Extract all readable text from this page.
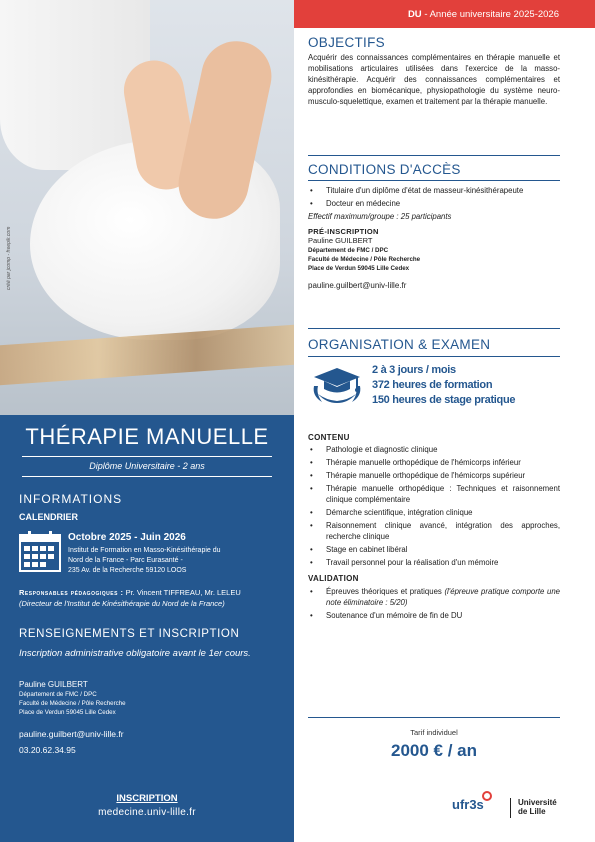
créé par jcomp - freepik.com
THÉRAPIE MANUELLE
Diplôme Universitaire - 2 ans
INFORMATIONS
CALENDRIER
Octobre 2025 - Juin 2026
Institut de Formation en Masso-Kinésithérapie du
Nord de la France - Parc Eurasanté -
235 Av. de la Recherche 59120 LOOS
Responsables pédagogiques : Pr. Vincent TIFFREAU, Mr. LELEU
(Directeur de l'Institut de Kinésithérapie du Nord de la France)
RENSEIGNEMENTS ET INSCRIPTION
Inscription administrative obligatoire avant le 1er cours.
Pauline GUILBERT
Département de FMC / DPC
Faculté de Médecine / Pôle Recherche
Place de Verdun 59045 Lille Cedex
pauline.guilbert@univ-lille.fr
03.20.62.34.95
INSCRIPTION
medecine.univ-lille.fr
DU - Année universitaire 2025-2026
OBJECTIFS
Acquérir des connaissances complémentaires en thérapie manuelle et mobilisations articulaires utilisées dans l'exercice de la masso-kinésithérapie. Acquérir des connaissances complémentaires et approfondies en biomécanique, physiopathologie du système neuro-musculo-squelettique, examen et traitement par la thérapie manuelle.
CONDITIONS D'ACCÈS
• Titulaire d'un diplôme d'état de masseur-kinésithérapeute
• Docteur en médecine
Effectif maximum/groupe : 25 participants
PRÉ-INSCRIPTION
Pauline GUILBERT
Département de FMC / DPC
Faculté de Médecine / Pôle Recherche
Place de Verdun 59045 Lille Cedex
pauline.guilbert@univ-lille.fr
ORGANISATION & EXAMEN
2 à 3 jours / mois
372 heures de formation
150 heures de stage pratique
CONTENU
• Pathologie et diagnostic clinique
• Thérapie manuelle orthopédique de l'hémicorps inférieur
• Thérapie manuelle orthopédique de l'hémicorps supérieur
• Thérapie manuelle orthopédique : Techniques et raisonnement clinique complémentaire
• Démarche scientifique, intégration clinique
• Raisonnement clinique avancé, intégration des approches, recherche clinique
• Stage en cabinet libéral
• Travail personnel pour la réalisation d'un mémoire
VALIDATION
• Épreuves théoriques et pratiques (l'épreuve pratique comporte une note éliminatoire : 5/20)
• Soutenance d'un mémoire de fin de DU
Tarif individuel
2000 € / an
ufr3s	Université
de Lille
